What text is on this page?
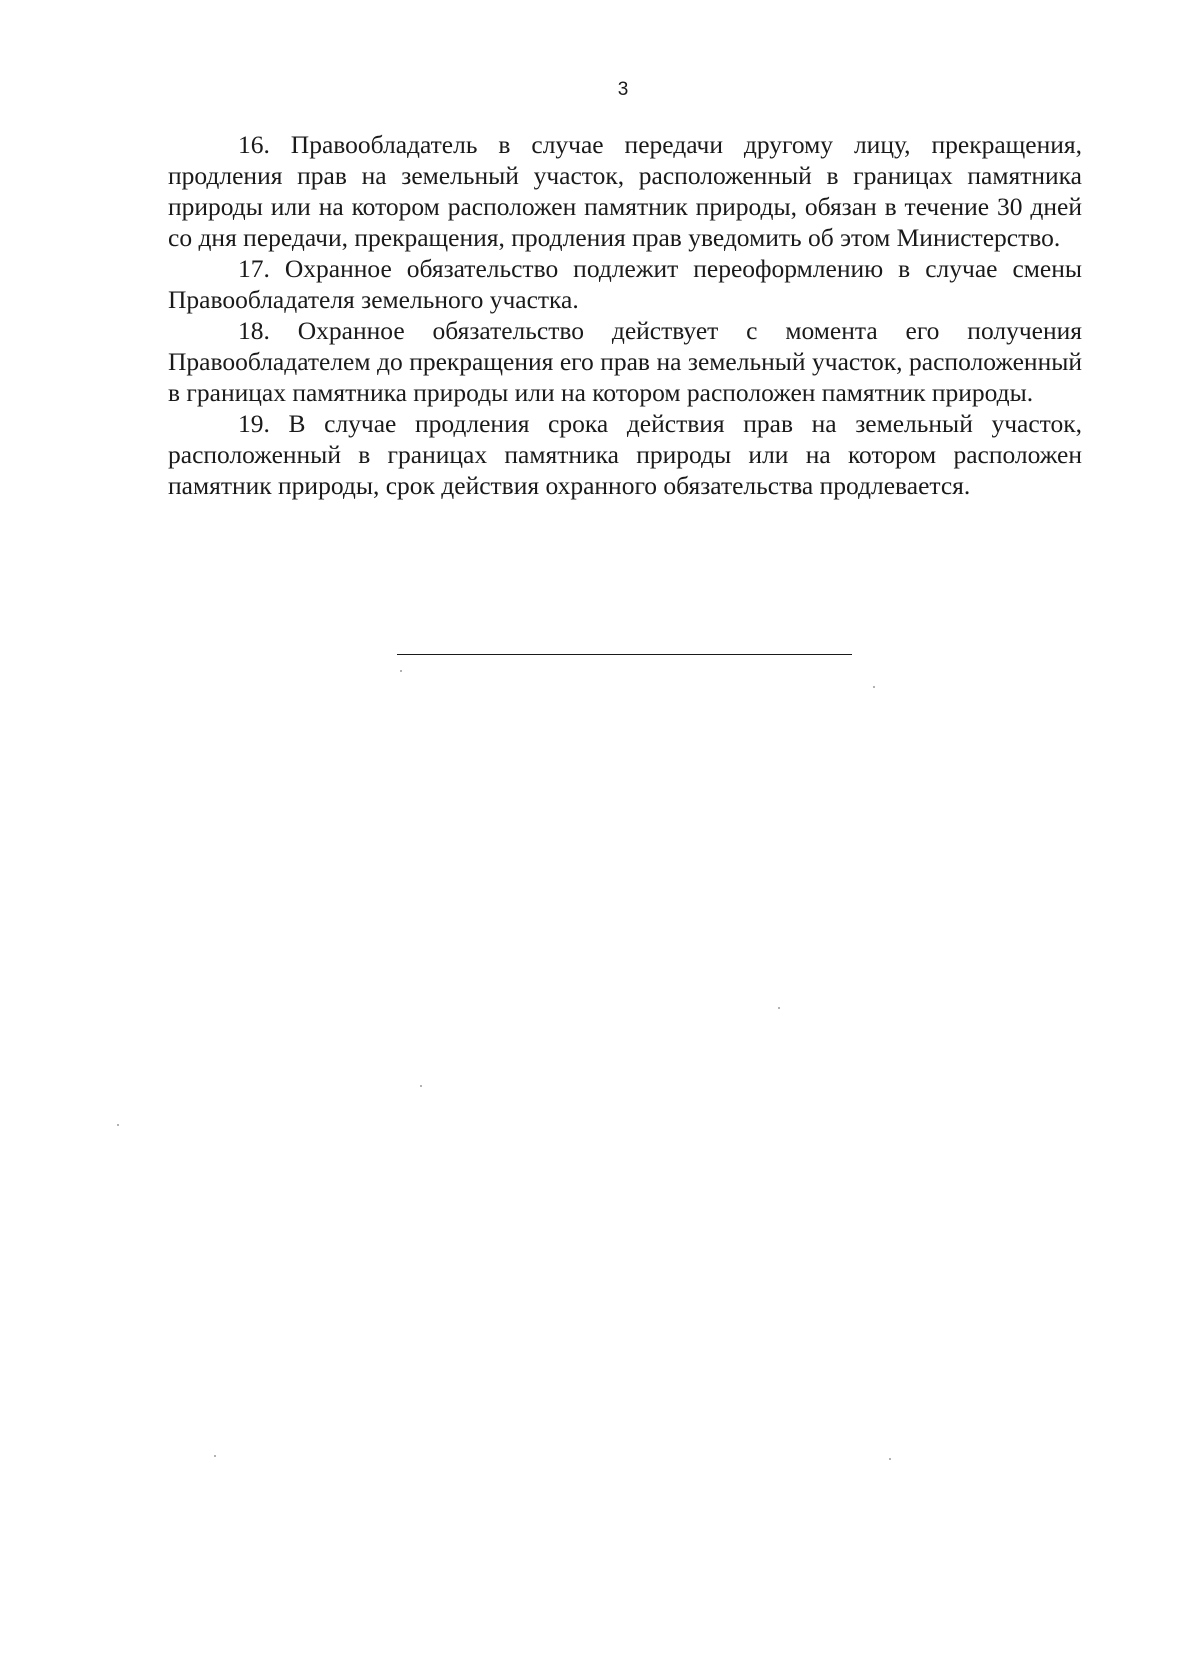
3

16. Правообладатель в случае передачи другому лицу, прекращения, продления прав на земельный участок, расположенный в границах памятника природы или на котором расположен памятник природы, обязан в течение 30 дней со дня передачи, прекращения, продления прав уведомить об этом Министерство.

17. Охранное обязательство подлежит переоформлению в случае смены Правообладателя земельного участка.

18. Охранное обязательство действует с момента его получения Правообладателем до прекращения его прав на земельный участок, расположенный в границах памятника природы или на котором расположен памятник природы.

19. В случае продления срока действия прав на земельный участок, расположенный в границах памятника природы или на котором расположен памятник природы, срок действия охранного обязательства продлевается.
